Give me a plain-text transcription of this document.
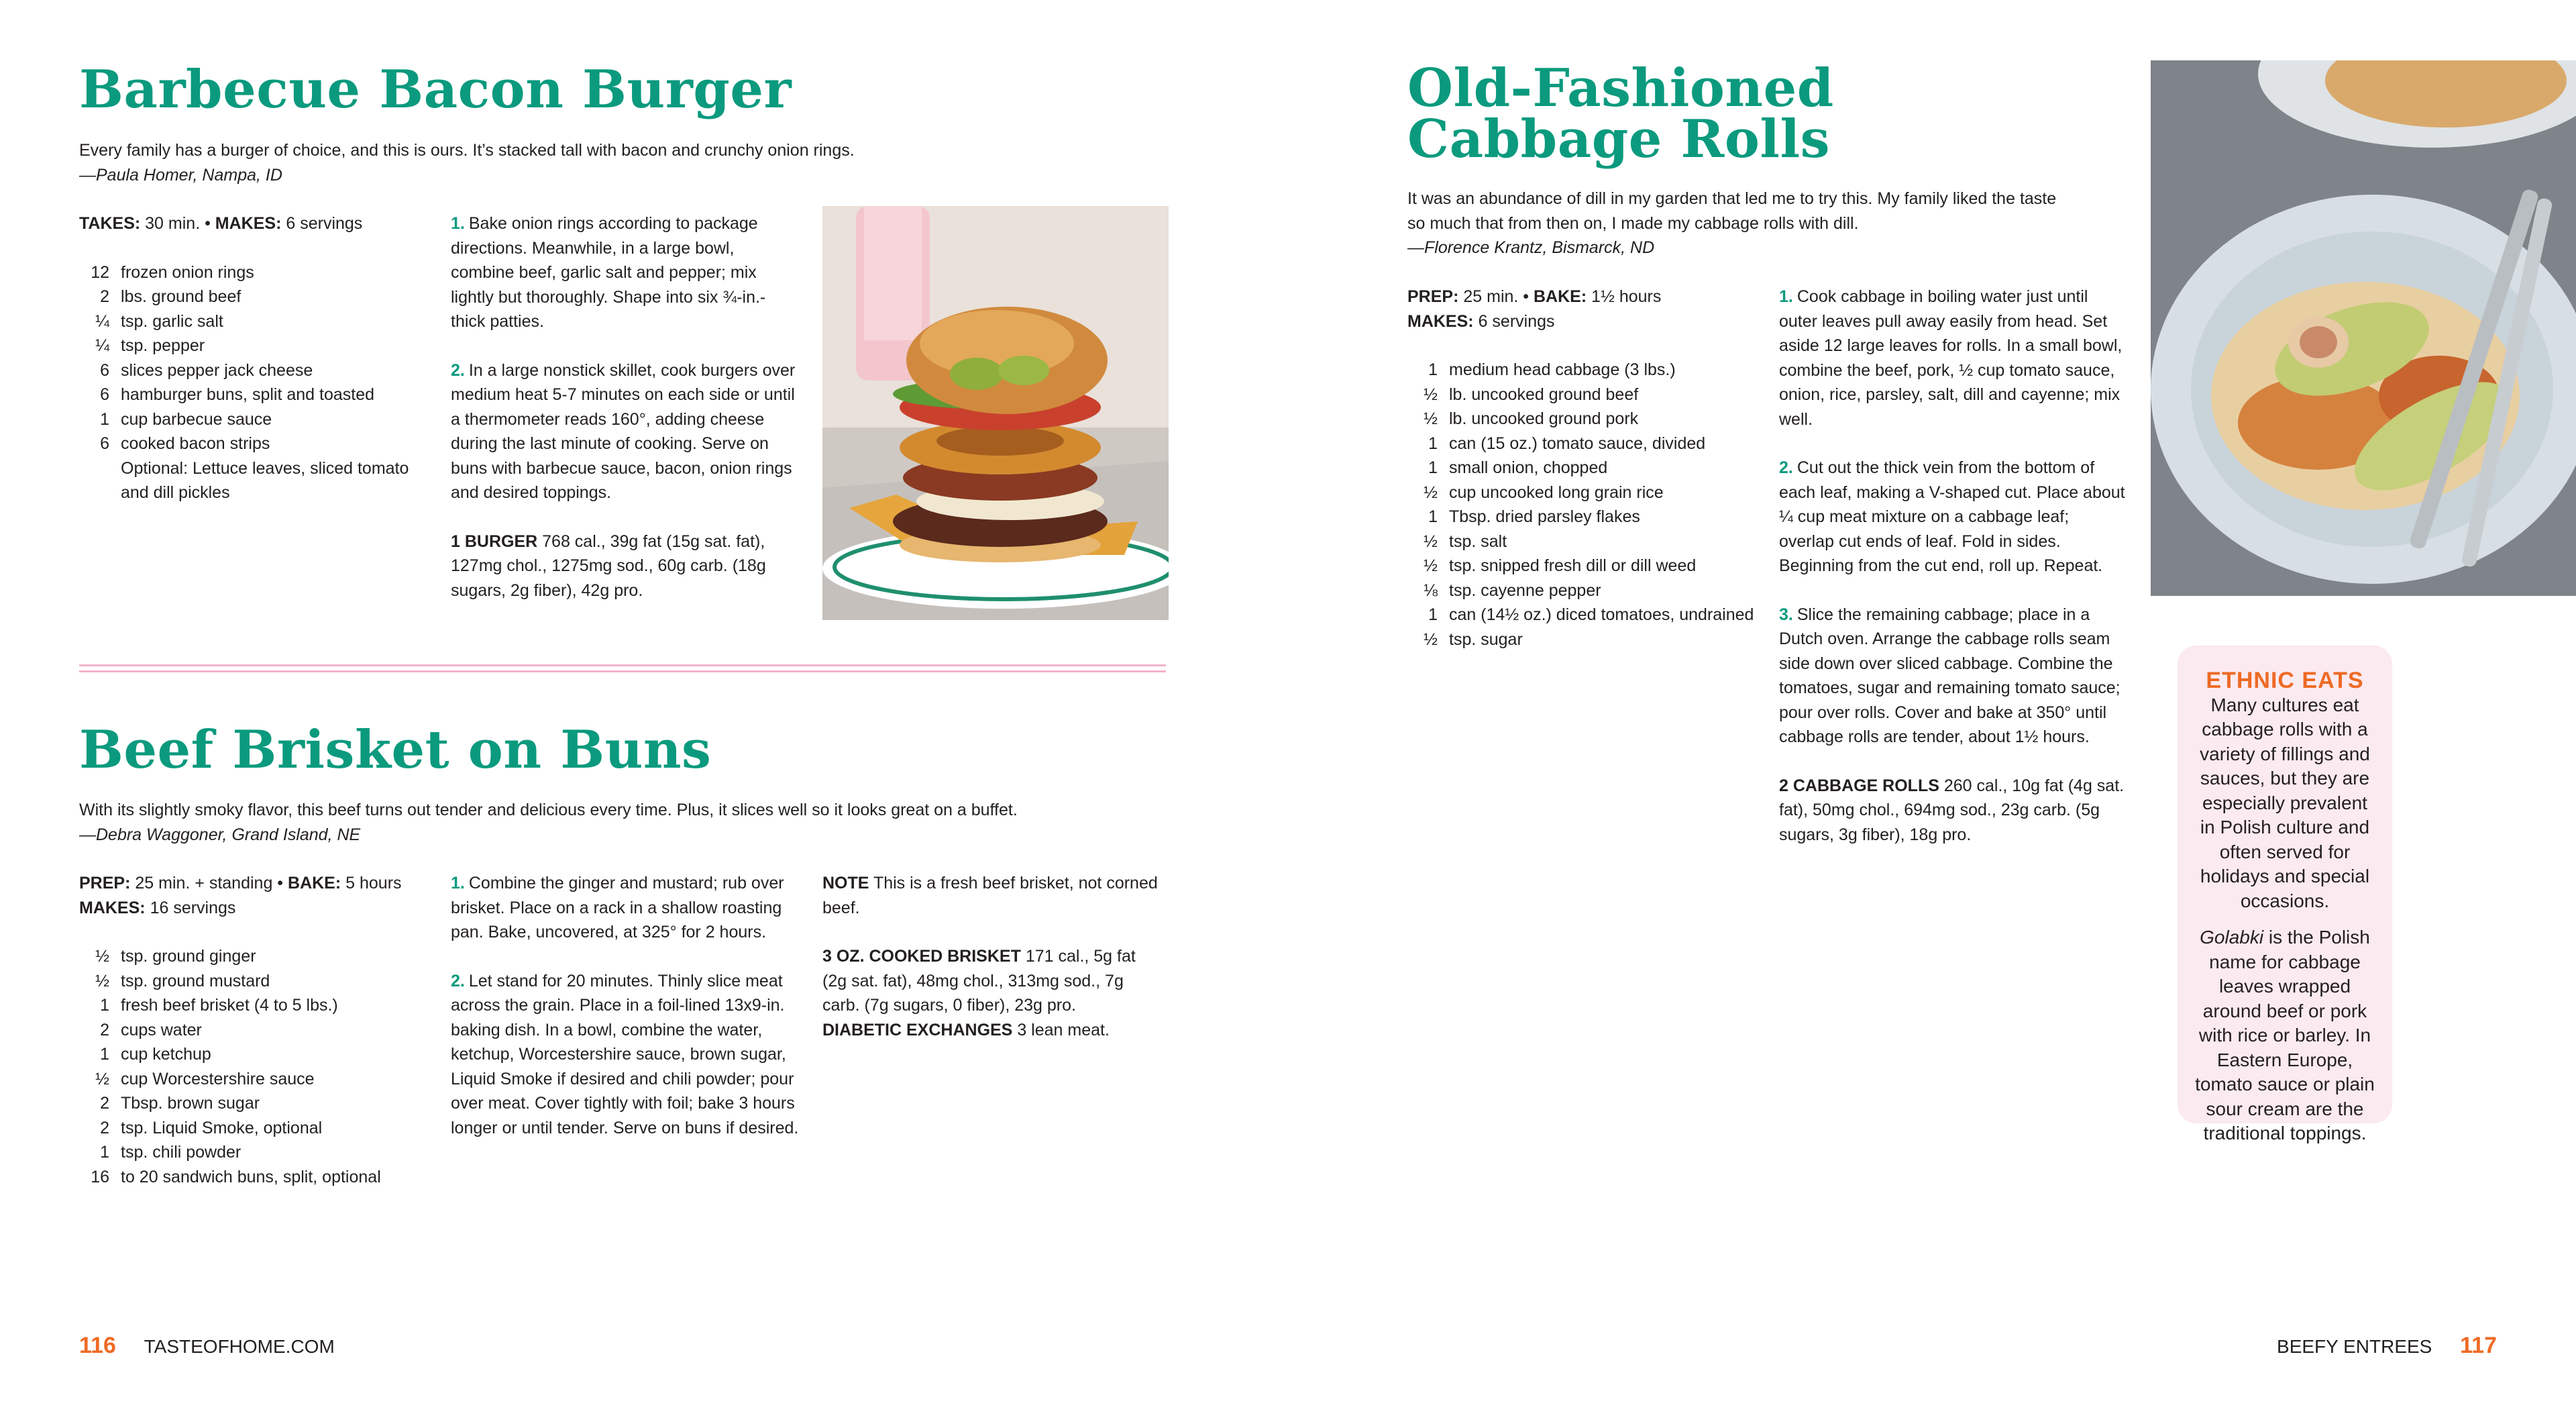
Barbecue Bacon Burger

Every family has a burger of choice, and this is ours. It’s stacked tall with bacon and crunchy onion rings.
—Paula Homer, Nampa, ID

TAKES: 30 min. • MAKES: 6 servings
12 frozen onion rings
2 lbs. ground beef
¼ tsp. garlic salt
¼ tsp. pepper
6 slices pepper jack cheese
6 hamburger buns, split and toasted
1 cup barbecue sauce
6 cooked bacon strips
Optional: Lettuce leaves, sliced tomato and dill pickles

1. Bake onion rings according to package directions. Meanwhile, in a large bowl, combine beef, garlic salt and pepper; mix lightly but thoroughly. Shape into six ¾-in.-thick patties.

2. In a large nonstick skillet, cook burgers over medium heat 5-7 minutes on each side or until a thermometer reads 160°, adding cheese during the last minute of cooking. Serve on buns with barbecue sauce, bacon, onion rings and desired toppings.

1 BURGER 768 cal., 39g fat (15g sat. fat), 127mg chol., 1275mg sod., 60g carb. (18g sugars, 2g fiber), 42g pro.

Beef Brisket on Buns

With its slightly smoky flavor, this beef turns out tender and delicious every time. Plus, it slices well so it looks great on a buffet.
—Debra Waggoner, Grand Island, NE

PREP: 25 min. + standing • BAKE: 5 hours
MAKES: 16 servings
½ tsp. ground ginger
½ tsp. ground mustard
1 fresh beef brisket (4 to 5 lbs.)
2 cups water
1 cup ketchup
½ cup Worcestershire sauce
2 Tbsp. brown sugar
2 tsp. Liquid Smoke, optional
1 tsp. chili powder
16 to 20 sandwich buns, split, optional

1. Combine the ginger and mustard; rub over brisket. Place on a rack in a shallow roasting pan. Bake, uncovered, at 325° for 2 hours.

2. Let stand for 20 minutes. Thinly slice meat across the grain. Place in a foil-lined 13x9-in. baking dish. In a bowl, combine the water, ketchup, Worcestershire sauce, brown sugar, Liquid Smoke if desired and chili powder; pour over meat. Cover tightly with foil; bake 3 hours longer or until tender. Serve on buns if desired.

NOTE This is a fresh beef brisket, not corned beef.

3 OZ. COOKED BRISKET 171 cal., 5g fat (2g sat. fat), 48mg chol., 313mg sod., 7g carb. (7g sugars, 0 fiber), 23g pro. DIABETIC EXCHANGES 3 lean meat.

Old-Fashioned
Cabbage Rolls

It was an abundance of dill in my garden that led me to try this. My family liked the taste so much that from then on, I made my cabbage rolls with dill.
—Florence Krantz, Bismarck, ND

PREP: 25 min. • BAKE: 1½ hours
MAKES: 6 servings
1 medium head cabbage (3 lbs.)
½ lb. uncooked ground beef
½ lb. uncooked ground pork
1 can (15 oz.) tomato sauce, divided
1 small onion, chopped
½ cup uncooked long grain rice
1 Tbsp. dried parsley flakes
½ tsp. salt
½ tsp. snipped fresh dill or dill weed
⅛ tsp. cayenne pepper
1 can (14½ oz.) diced tomatoes, undrained
½ tsp. sugar

1. Cook cabbage in boiling water just until outer leaves pull away easily from head. Set aside 12 large leaves for rolls. In a small bowl, combine the beef, pork, ½ cup tomato sauce, onion, rice, parsley, salt, dill and cayenne; mix well.

2. Cut out the thick vein from the bottom of each leaf, making a V-shaped cut. Place about ¼ cup meat mixture on a cabbage leaf; overlap cut ends of leaf. Fold in sides. Beginning from the cut end, roll up. Repeat.

3. Slice the remaining cabbage; place in a Dutch oven. Arrange the cabbage rolls seam side down over sliced cabbage. Combine the tomatoes, sugar and remaining tomato sauce; pour over rolls. Cover and bake at 350° until cabbage rolls are tender, about 1½ hours.

2 CABBAGE ROLLS 260 cal., 10g fat (4g sat. fat), 50mg chol., 694mg sod., 23g carb. (5g sugars, 3g fiber), 18g pro.

ETHNIC EATS

Many cultures eat cabbage rolls with a variety of fillings and sauces, but they are especially prevalent in Polish culture and often served for holidays and special occasions.

Golabki is the Polish name for cabbage leaves wrapped around beef or pork with rice or barley. In Eastern Europe, tomato sauce or plain sour cream are the traditional toppings.

116 TASTEOFHOME.COM	BEEFY ENTREES 117
